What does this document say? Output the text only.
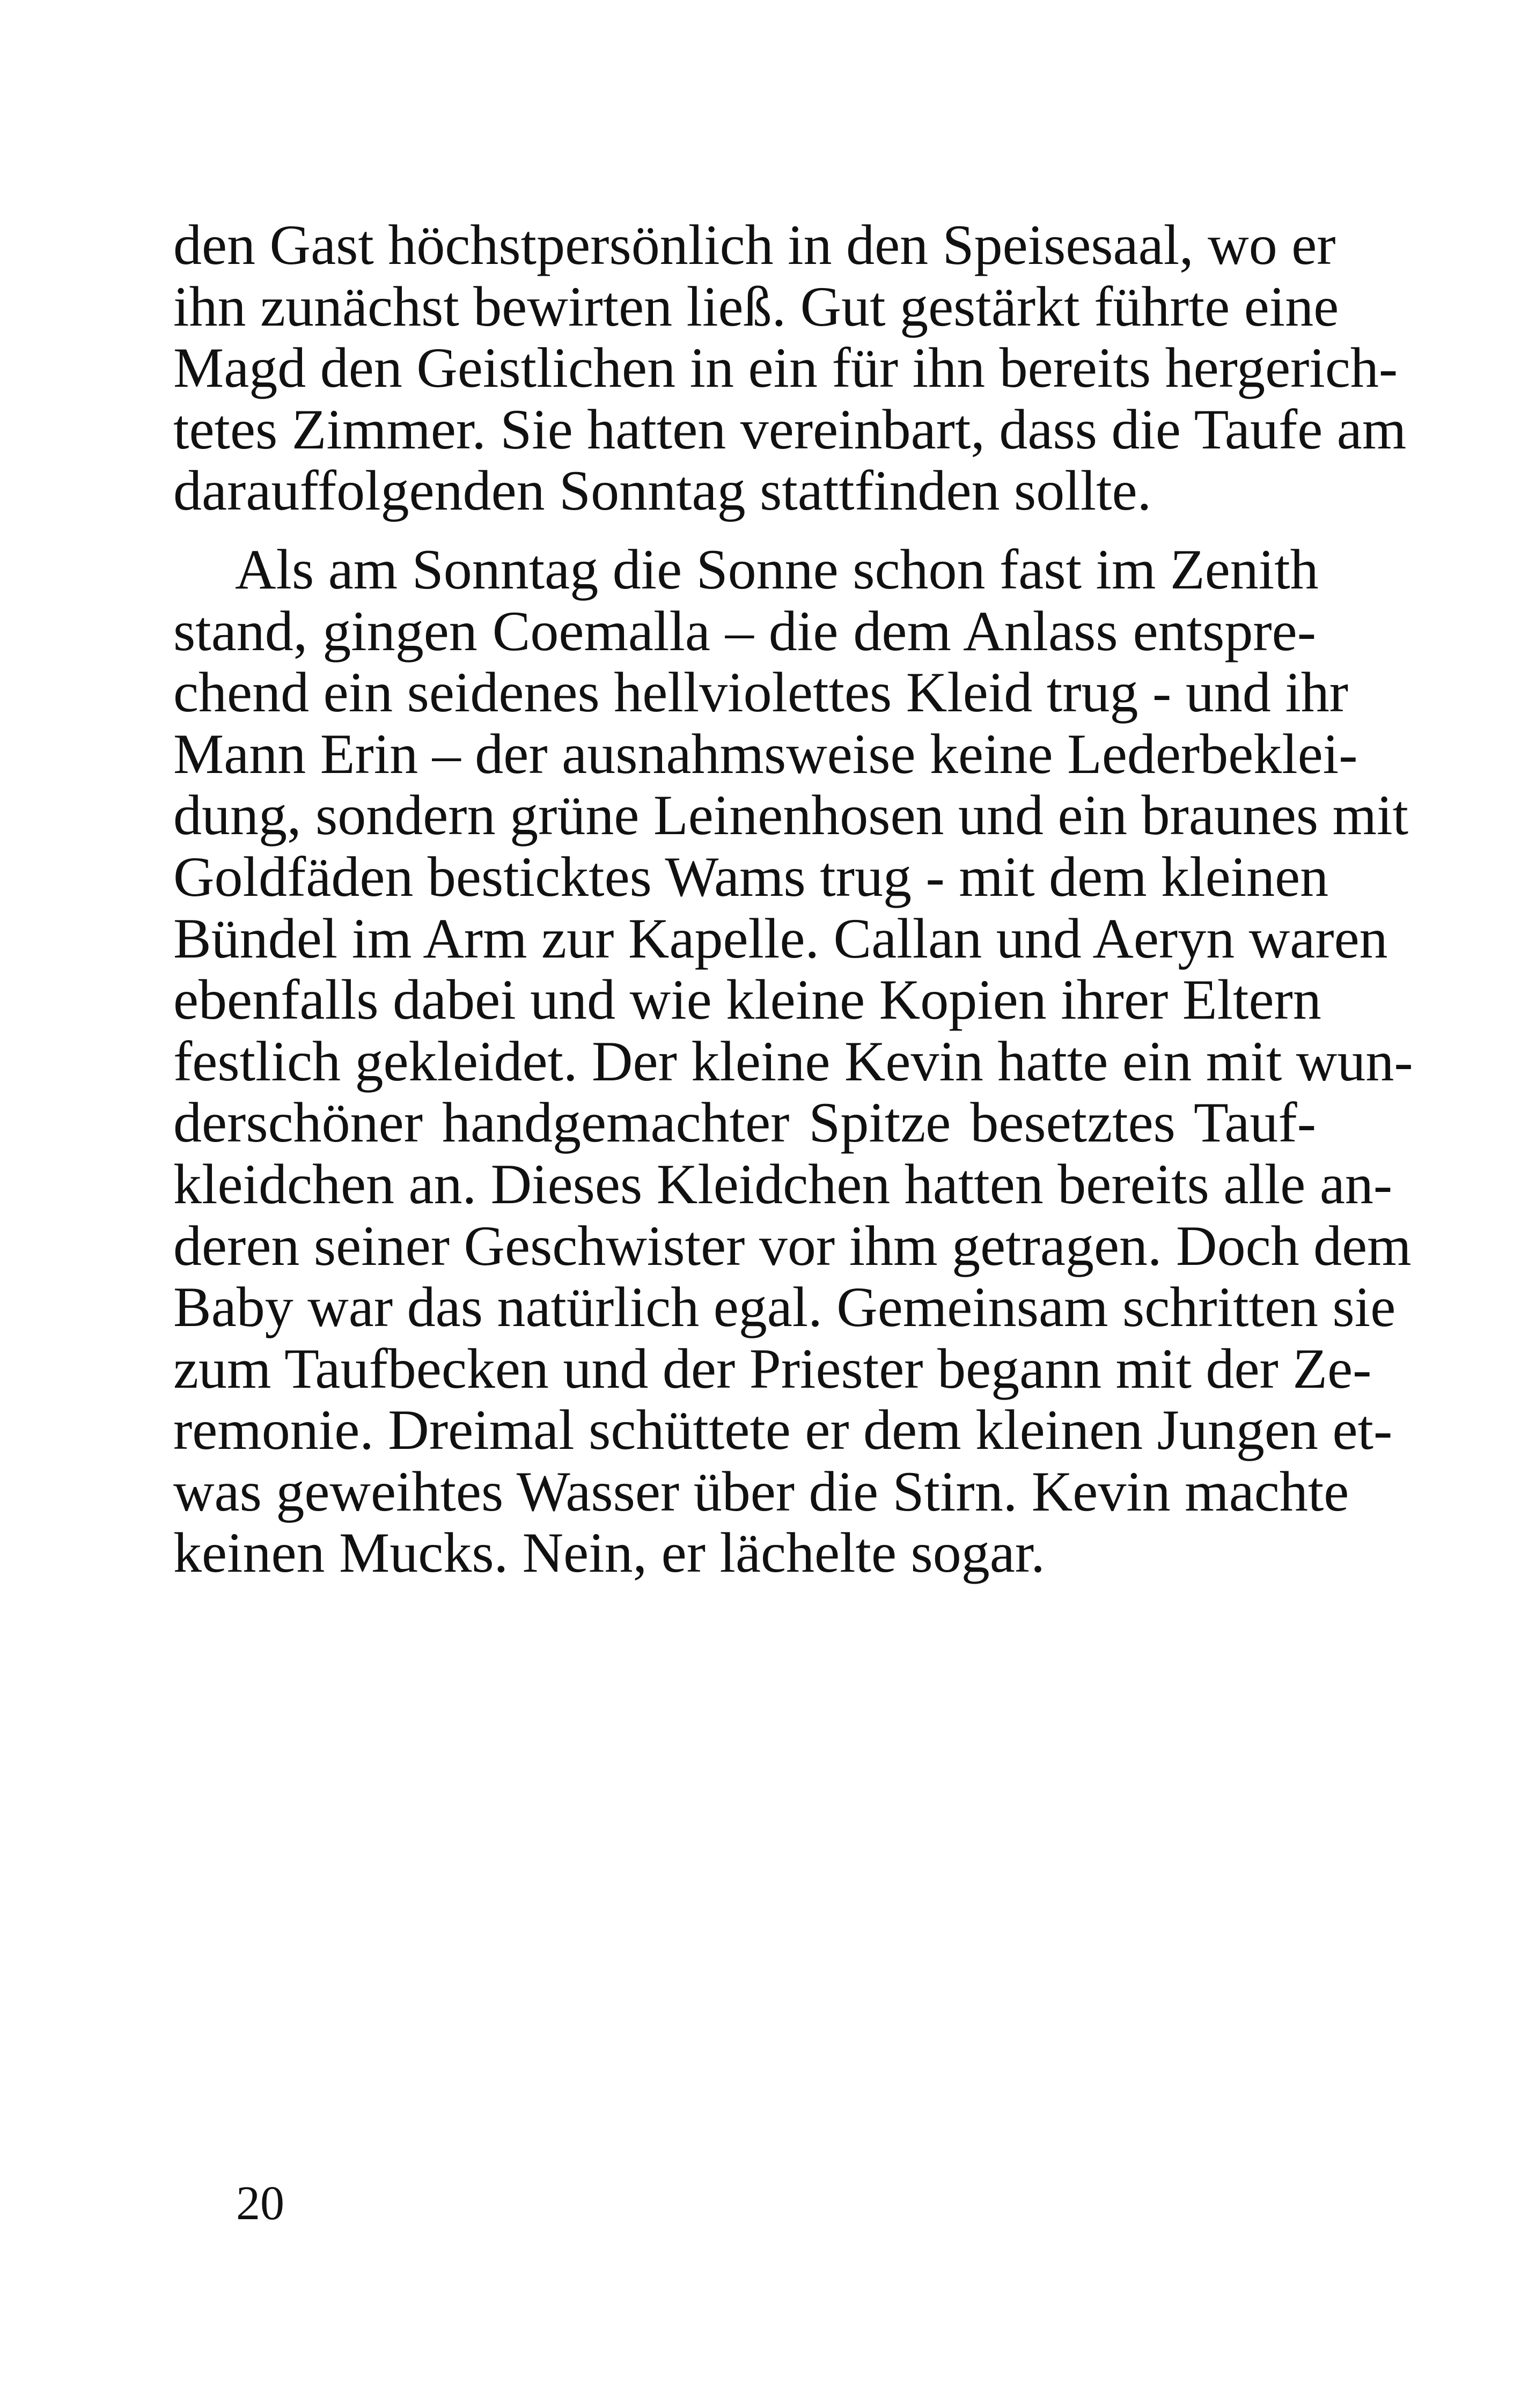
den Gast höchstpersönlich in den Speisesaal, wo er
ihn zunächst bewirten ließ. Gut gestärkt führte eine
Magd den Geistlichen in ein für ihn bereits hergerich-
tetes Zimmer. Sie hatten vereinbart, dass die Taufe am
darauffolgenden Sonntag stattfinden sollte.
Als am Sonntag die Sonne schon fast im Zenith
stand, gingen Coemalla – die dem Anlass entspre-
chend ein seidenes hellviolettes Kleid trug - und ihr
Mann Erin – der ausnahmsweise keine Lederbeklei-
dung, sondern grüne Leinenhosen und ein braunes mit
Goldfäden besticktes Wams trug - mit dem kleinen
Bündel im Arm zur Kapelle. Callan und Aeryn waren
ebenfalls dabei und wie kleine Kopien ihrer Eltern
festlich gekleidet. Der kleine Kevin hatte ein mit wun-
derschöner handgemachter Spitze besetztes Tauf-
kleidchen an. Dieses Kleidchen hatten bereits alle an-
deren seiner Geschwister vor ihm getragen. Doch dem
Baby war das natürlich egal. Gemeinsam schritten sie
zum Taufbecken und der Priester begann mit der Ze-
remonie. Dreimal schüttete er dem kleinen Jungen et-
was geweihtes Wasser über die Stirn. Kevin machte
keinen Mucks. Nein, er lächelte sogar.
20
